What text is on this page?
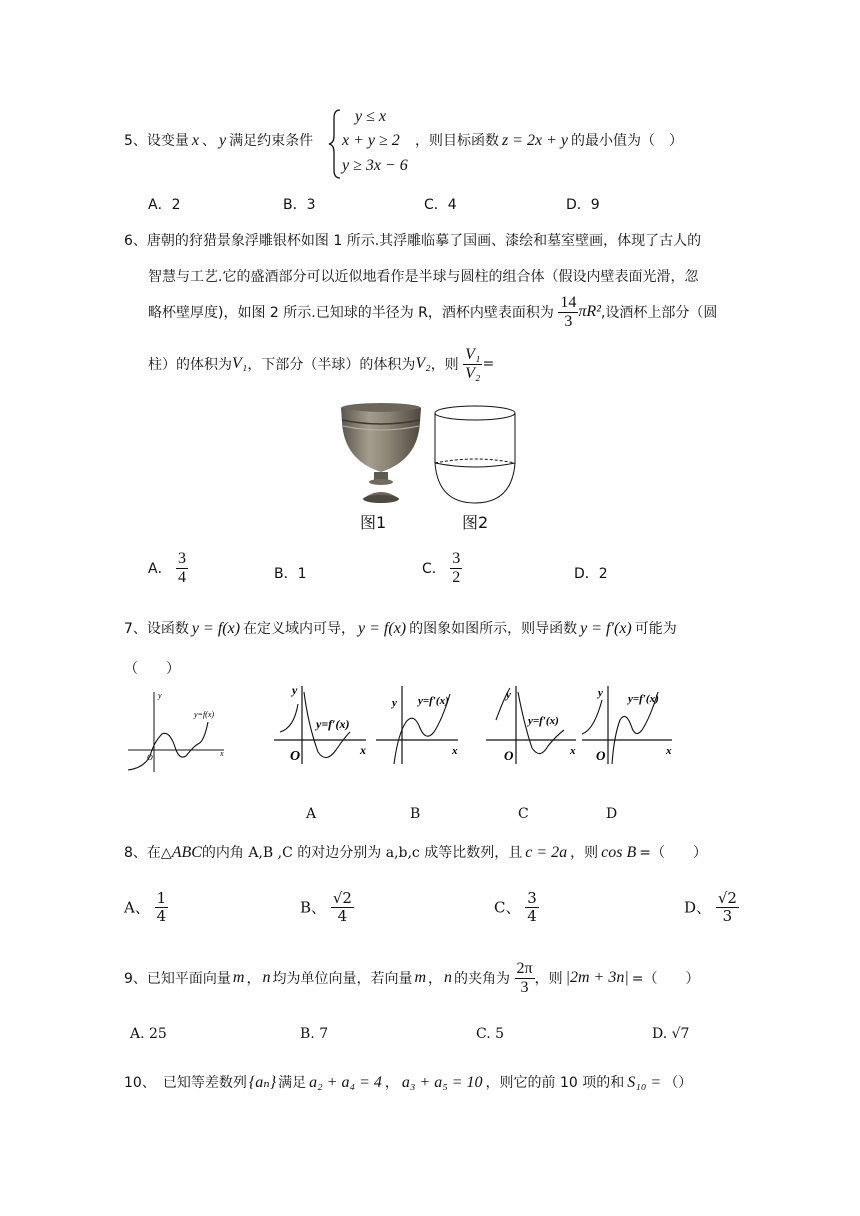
5、设变量 x 、 y 满足约束条件
y ≤ x
x + y ≥ 2
y ≥ 3x − 6
，则目标函数 z = 2x + y 的最小值为（　）
A．2	B．3	C．4	D．9
6、唐朝的狩猎景象浮雕银杯如图 1 所示.其浮雕临摹了国画、漆绘和墓室壁画，体现了古人的
智慧与工艺.它的盛酒部分可以近似地看作是半球与圆柱的组合体（假设内壁表面光滑，忽
略杯壁厚度)，如图 2 所示.已知球的半径为 R，酒杯内壁表面积为 $\frac{14}{3} \pi R^2$,设酒杯上部分（圆
柱）的体积为V₁，下部分（半球）的体积为V₂，则 $\frac{\text{V₁}}{\text{V₂}}$ =
图1	图2
A． $\frac{3}{4}$	B．1	C． $\frac{3}{2}$	D．2
7、设函数 y = f(x) 在定义域内可导， y = f(x) 的图象如图所示，则导函数 y = f′(x) 可能为
（　　）
y
x
O
y=f(x)
y
x
O
y=f′(x)
y
x
y=f′(x)	y
x
O
y=f′(x)
y
x
O
y=f′(x)
A	B	C	D
8、在△ABC的内角 A,B ,C 的对边分别为 a,b,c 成等比数列，且 c = 2a ，则 cos B =（　　）
A、 $\frac{1}{4}$	B、 $\frac{√2}{4}$	C、 $\frac{3}{4}$	D、 $\frac{√2}{3}$
9、已知平面向量 m ， n 均为单位向量，若向量 m ， n 的夹角为 $\frac{2\pi}{3}$ ，则 |2m + 3n| =（　　）
A. 25	B. 7	C. 5	D. √7
10、　已知等差数列 {aₙ} 满足 a₂ + a₄ = 4 ， a₃ + a₅ = 10 ，则它的前 10 项的和 S₁₀ = （）
